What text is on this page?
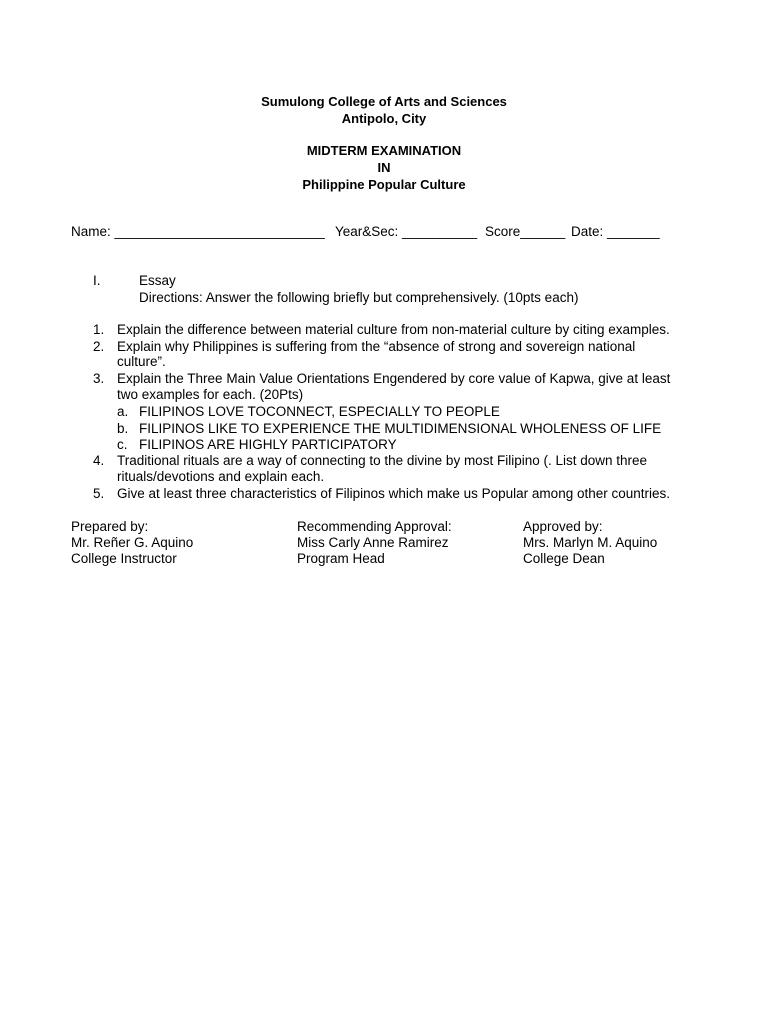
Sumulong College of Arts and Sciences
Antipolo, City
MIDTERM EXAMINATION
IN
Philippine Popular Culture
Name: ____________________________ Year&Sec: __________ Score______ Date: _______
I.	Essay
Directions: Answer the following briefly but comprehensively. (10pts each)
1. Explain the difference between material culture from non-material culture by citing examples.
2. Explain why Philippines is suffering from the “absence of strong and sovereign national
culture”.
3. Explain the Three Main Value Orientations Engendered by core value of Kapwa, give at least
two examples for each. (20Pts)
a. FILIPINOS LOVE TOCONNECT, ESPECIALLY TO PEOPLE
b. FILIPINOS LIKE TO EXPERIENCE THE MULTIDIMENSIONAL WHOLENESS OF LIFE
c. FILIPINOS ARE HIGHLY PARTICIPATORY
4. Traditional rituals are a way of connecting to the divine by most Filipino (. List down three
rituals/devotions and explain each.
5. Give at least three characteristics of Filipinos which make us Popular among other countries.
Prepared by:
Mr. Reñer G. Aquino
College Instructor
Recommending Approval:
Miss Carly Anne Ramirez
Program Head
Approved by:
Mrs. Marlyn M. Aquino
College Dean
